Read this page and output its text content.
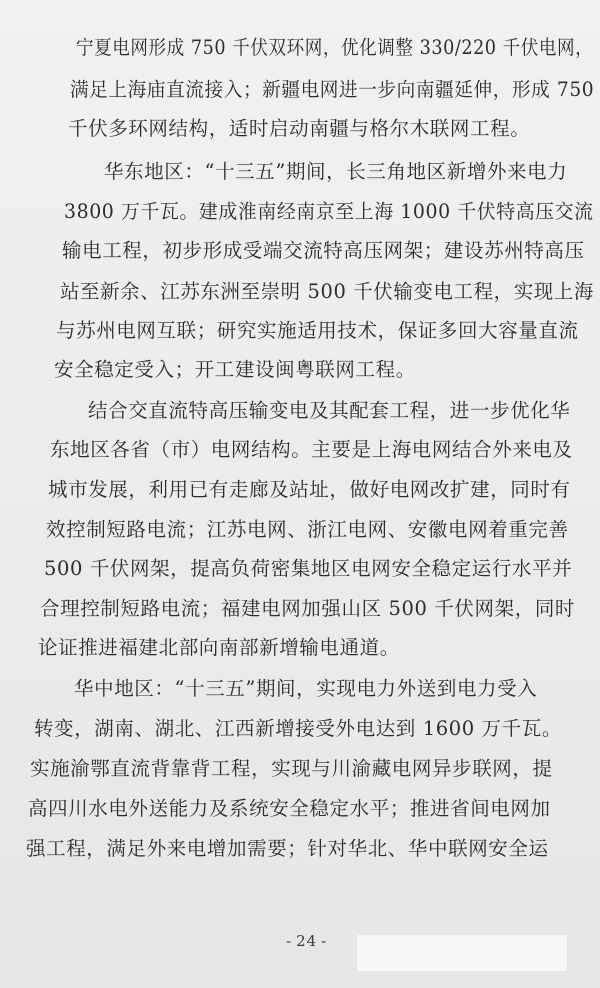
宁夏电网形成 750 千伏双环网，优化调整 330/220 千伏电网，
满足上海庙直流接入；新疆电网进一步向南疆延伸，形成 750
千伏多环网结构，适时启动南疆与格尔木联网工程。
华东地区：“十三五”期间，长三角地区新增外来电力
3800 万千瓦。建成淮南经南京至上海 1000 千伏特高压交流
输电工程，初步形成受端交流特高压网架；建设苏州特高压
站至新余、江苏东洲至崇明 500 千伏输变电工程，实现上海
与苏州电网互联；研究实施适用技术，保证多回大容量直流
安全稳定受入；开工建设闽粤联网工程。
结合交直流特高压输变电及其配套工程，进一步优化华
东地区各省（市）电网结构。主要是上海电网结合外来电及
城市发展，利用已有走廊及站址，做好电网改扩建，同时有
效控制短路电流；江苏电网、浙江电网、安徽电网着重完善
500 千伏网架，提高负荷密集地区电网安全稳定运行水平并
合理控制短路电流；福建电网加强山区 500 千伏网架，同时
论证推进福建北部向南部新增输电通道。
华中地区：“十三五”期间，实现电力外送到电力受入
转变，湖南、湖北、江西新增接受外电达到 1600 万千瓦。
实施渝鄂直流背靠背工程，实现与川渝藏电网异步联网，提
高四川水电外送能力及系统安全稳定水平；推进省间电网加
强工程，满足外来电增加需要；针对华北、华中联网安全运
- 24 -
